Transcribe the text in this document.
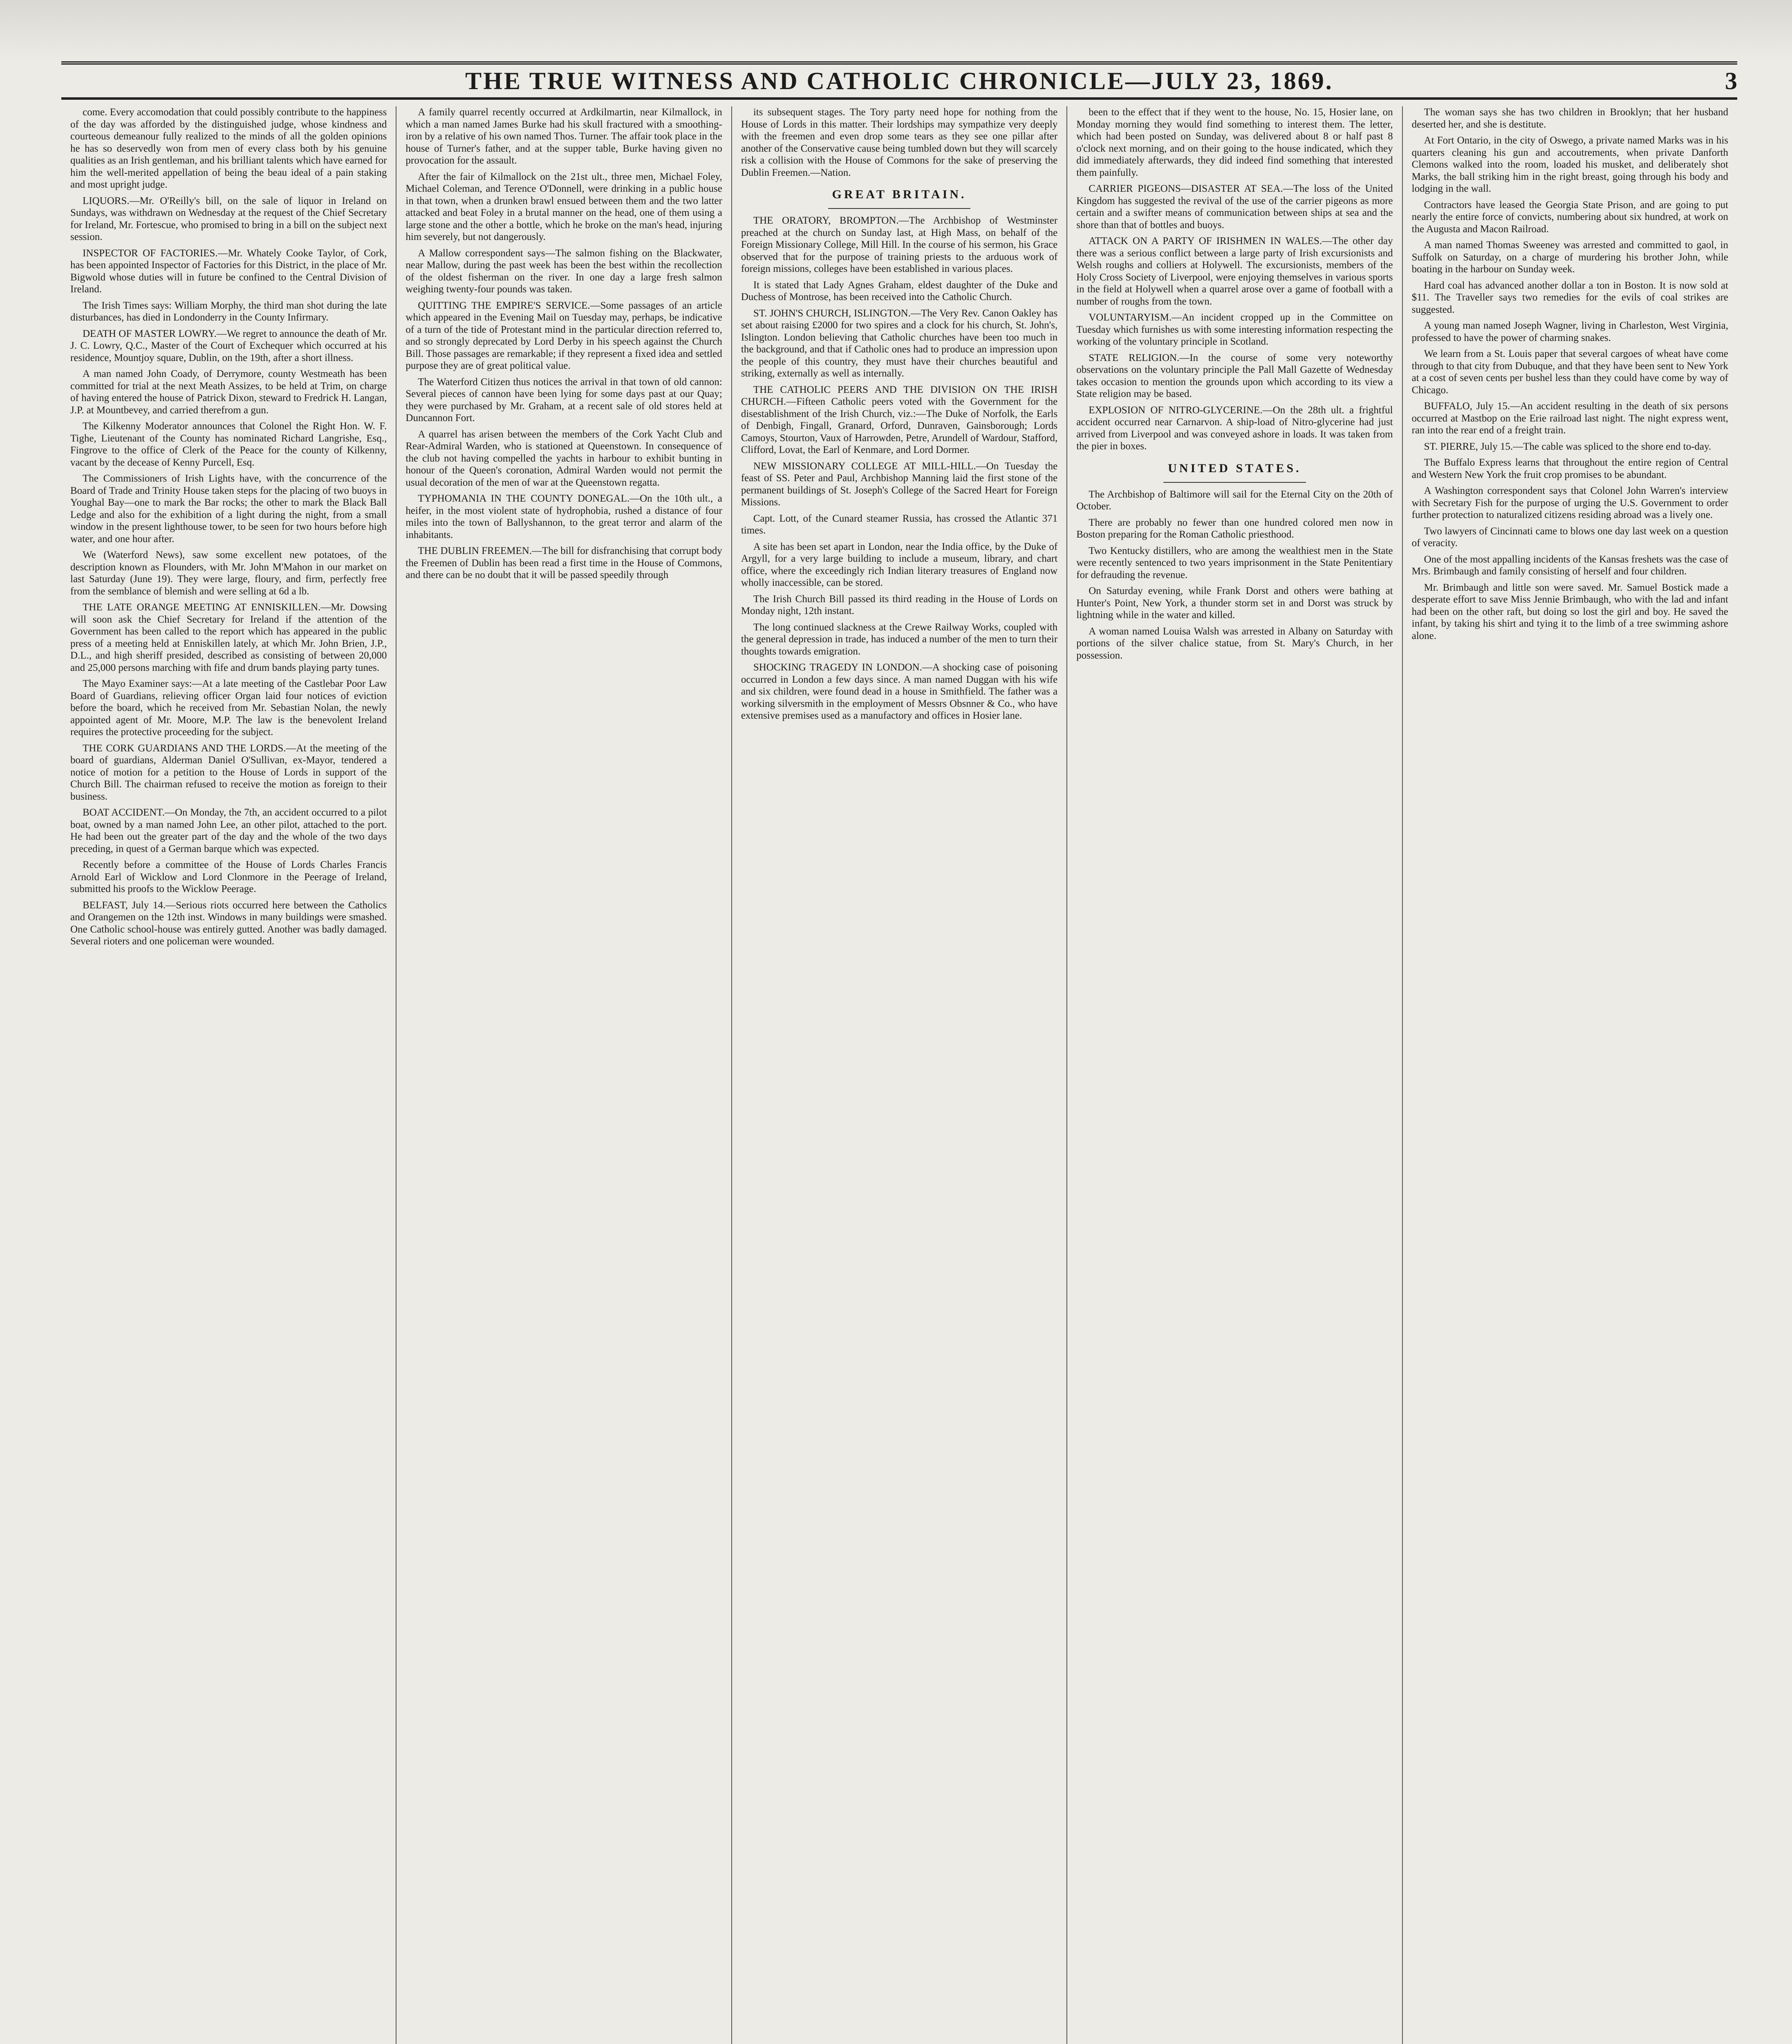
THE TRUE WITNESS AND CATHOLIC CHRONICLE—JULY 23, 1869.	3

come. Every accomodation that could possibly contribute to the happiness of the day was afforded by the distinguished judge, whose kindness and courteous demeanour fully realized to the minds of all the golden opinions he has so deservedly won from men of every class both by his genuine qualities as an Irish gentleman, and his brilliant talents which have earned for him the well-merited appellation of being the beau ideal of a pain staking and most upright judge.

LIQUORS.—Mr. O'Reilly's bill, on the sale of liquor in Ireland on Sundays, was withdrawn on Wednesday at the request of the Chief Secretary for Ireland, Mr. Fortescue, who promised to bring in a bill on the subject next session.

INSPECTOR OF FACTORIES.—Mr. Whately Cooke Taylor, of Cork, has been appointed Inspector of Factories for this District, in the place of Mr. Bigwold whose duties will in future be confined to the Central Division of Ireland.

The Irish Times says: William Morphy, the third man shot during the late disturbances, has died in Londonderry in the County Infirmary.

DEATH OF MASTER LOWRY.—We regret to announce the death of Mr. J. C. Lowry, Q.C., Master of the Court of Exchequer which occurred at his residence, Mountjoy square, Dublin, on the 19th, after a short illness.

A man named John Coady, of Derrymore, county Westmeath has been committed for trial at the next Meath Assizes, to be held at Trim, on charge of having entered the house of Patrick Dixon, steward to Fredrick H. Langan, J.P. at Mountbevey, and carried therefrom a gun.

The Kilkenny Moderator announces that Colonel the Right Hon. W. F. Tighe, Lieutenant of the County has nominated Richard Langrishe, Esq., Fingrove to the office of Clerk of the Peace for the county of Kilkenny, vacant by the decease of Kenny Purcell, Esq.

The Commissioners of Irish Lights have, with the concurrence of the Board of Trade and Trinity House taken steps for the placing of two buoys in Youghal Bay—one to mark the Bar rocks; the other to mark the Black Ball Ledge and also for the exhibition of a light during the night, from a small window in the present lighthouse tower, to be seen for two hours before high water, and one hour after.

We (Waterford News), saw some excellent new potatoes, of the description known as Flounders, with Mr. John M'Mahon in our market on last Saturday (June 19). They were large, floury, and firm, perfectly free from the semblance of blemish and were selling at 6d a lb.

THE LATE ORANGE MEETING AT ENNISKILLEN.—Mr. Dowsing will soon ask the Chief Secretary for Ireland if the attention of the Government has been called to the report which has appeared in the public press of a meeting held at Enniskillen lately, at which Mr. John Brien, J.P., D.L., and high sheriff presided, described as consisting of between 20,000 and 25,000 persons marching with fife and drum bands playing party tunes.

The Mayo Examiner says:—At a late meeting of the Castlebar Poor Law Board of Guardians, relieving officer Organ laid four notices of eviction before the board, which he received from Mr. Sebastian Nolan, the newly appointed agent of Mr. Moore, M.P. The law is the benevolent Ireland requires the protective proceeding for the subject.

THE CORK GUARDIANS AND THE LORDS.—At the meeting of the board of guardians, Alderman Daniel O'Sullivan, ex-Mayor, tendered a notice of motion for a petition to the House of Lords in support of the Church Bill. The chairman refused to receive the motion as foreign to their business.

BOAT ACCIDENT.—On Monday, the 7th, an accident occurred to a pilot boat, owned by a man named John Lee, an other pilot, attached to the port. He had been out the greater part of the day and the whole of the two days preceding, in quest of a German barque which was expected.

Recently before a committee of the House of Lords Charles Francis Arnold Earl of Wicklow and Lord Clonmore in the Peerage of Ireland, submitted his proofs to the Wicklow Peerage.

BELFAST, July 14.—Serious riots occurred here between the Catholics and Orangemen on the 12th inst. Windows in many buildings were smashed. One Catholic school-house was entirely gutted. Another was badly damaged. Several rioters and one policeman were wounded.

A family quarrel recently occurred at Ardkilmartin, near Kilmallock, in which a man named James Burke had his skull fractured with a smoothing-iron by a relative of his own named Thos. Turner. The affair took place in the house of Turner's father, and at the supper table, Burke having given no provocation for the assault.

After the fair of Kilmallock on the 21st ult., three men, Michael Foley, Michael Coleman, and Terence O'Donnell, were drinking in a public house in that town, when a drunken brawl ensued between them and the two latter attacked and beat Foley in a brutal manner on the head, one of them using a large stone and the other a bottle, which he broke on the man's head, injuring him severely, but not dangerously.

A Mallow correspondent says—The salmon fishing on the Blackwater, near Mallow, during the past week has been the best within the recollection of the oldest fisherman on the river. In one day a large fresh salmon weighing twenty-four pounds was taken.

QUITTING THE EMPIRE'S SERVICE.—Some passages of an article which appeared in the Evening Mail on Tuesday may, perhaps, be indicative of a turn of the tide of Protestant mind in the particular direction referred to, and so strongly deprecated by Lord Derby in his speech against the Church Bill. Those passages are remarkable; if they represent a fixed idea and settled purpose they are of great political value.

The Waterford Citizen thus notices the arrival in that town of old cannon: Several pieces of cannon have been lying for some days past at our Quay; they were purchased by Mr. Graham, at a recent sale of old stores held at Duncannon Fort.

A quarrel has arisen between the members of the Cork Yacht Club and Rear-Admiral Warden, who is stationed at Queenstown. In consequence of the club not having compelled the yachts in harbour to exhibit bunting in honour of the Queen's coronation, Admiral Warden would not permit the usual decoration of the men of war at the Queenstown regatta.

TYPHOMANIA IN THE COUNTY DONEGAL.—On the 10th ult., a heifer, in the most violent state of hydrophobia, rushed a distance of four miles into the town of Ballyshannon, to the great terror and alarm of the inhabitants.

THE DUBLIN FREEMEN.—The bill for disfranchising that corrupt body the Freemen of Dublin has been read a first time in the House of Commons, and there can be no doubt that it will be passed speedily through

its subsequent stages. The Tory party need hope for nothing from the House of Lords in this matter. Their lordships may sympathize very deeply with the freemen and even drop some tears as they see one pillar after another of the Conservative cause being tumbled down but they will scarcely risk a collision with the House of Commons for the sake of preserving the Dublin Freemen.—Nation.

GREAT BRITAIN.

THE ORATORY, BROMPTON.—The Archbishop of Westminster preached at the church on Sunday last, at High Mass, on behalf of the Foreign Missionary College, Mill Hill. In the course of his sermon, his Grace observed that for the purpose of training priests to the arduous work of foreign missions, colleges have been established in various places.

It is stated that Lady Agnes Graham, eldest daughter of the Duke and Duchess of Montrose, has been received into the Catholic Church.

ST. JOHN'S CHURCH, ISLINGTON.—The Very Rev. Canon Oakley has set about raising £2000 for two spires and a clock for his church, St. John's, Islington. London believing that Catholic churches have been too much in the background, and that if Catholic ones had to produce an impression upon the people of this country, they must have their churches beautiful and striking, externally as well as internally.

THE CATHOLIC PEERS AND THE DIVISION ON THE IRISH CHURCH.—Fifteen Catholic peers voted with the Government for the disestablishment of the Irish Church, viz.:—The Duke of Norfolk, the Earls of Denbigh, Fingall, Granard, Orford, Dunraven, Gainsborough; Lords Camoys, Stourton, Vaux of Harrowden, Petre, Arundell of Wardour, Stafford, Clifford, Lovat, the Earl of Kenmare, and Lord Dormer.

NEW MISSIONARY COLLEGE AT MILL-HILL.—On Tuesday the feast of SS. Peter and Paul, Archbishop Manning laid the first stone of the permanent buildings of St. Joseph's College of the Sacred Heart for Foreign Missions.

Capt. Lott, of the Cunard steamer Russia, has crossed the Atlantic 371 times.

A site has been set apart in London, near the India office, by the Duke of Argyll, for a very large building to include a museum, library, and chart office, where the exceedingly rich Indian literary treasures of England now wholly inaccessible, can be stored.

The Irish Church Bill passed its third reading in the House of Lords on Monday night, 12th instant.

The long continued slackness at the Crewe Railway Works, coupled with the general depression in trade, has induced a number of the men to turn their thoughts towards emigration.

SHOCKING TRAGEDY IN LONDON.—A shocking case of poisoning occurred in London a few days since. A man named Duggan with his wife and six children, were found dead in a house in Smithfield. The father was a working silversmith in the employment of Messrs Obsnner & Co., who have extensive premises used as a manufactory and offices in Hosier lane.

been to the effect that if they went to the house, No. 15, Hosier lane, on Monday morning they would find something to interest them. The letter, which had been posted on Sunday, was delivered about 8 or half past 8 o'clock next morning, and on their going to the house indicated, which they did immediately afterwards, they did indeed find something that interested them painfully.

CARRIER PIGEONS—DISASTER AT SEA.—The loss of the United Kingdom has suggested the revival of the use of the carrier pigeons as more certain and a swifter means of communication between ships at sea and the shore than that of bottles and buoys.

ATTACK ON A PARTY OF IRISHMEN IN WALES.—The other day there was a serious conflict between a large party of Irish excursionists and Welsh roughs and colliers at Holywell. The excursionists, members of the Holy Cross Society of Liverpool, were enjoying themselves in various sports in the field at Holywell when a quarrel arose over a game of football with a number of roughs from the town.

VOLUNTARYISM.—An incident cropped up in the Committee on Tuesday which furnishes us with some interesting information respecting the working of the voluntary principle in Scotland.

STATE RELIGION.—In the course of some very noteworthy observations on the voluntary principle the Pall Mall Gazette of Wednesday takes occasion to mention the grounds upon which according to its view a State religion may be based.

EXPLOSION OF NITRO-GLYCERINE.—On the 28th ult. a frightful accident occurred near Carnarvon. A ship-load of Nitro-glycerine had just arrived from Liverpool and was conveyed ashore in loads. It was taken from the pier in boxes.

UNITED STATES.

The Archbishop of Baltimore will sail for the Eternal City on the 20th of October.

There are probably no fewer than one hundred colored men now in Boston preparing for the Roman Catholic priesthood.

Two Kentucky distillers, who are among the wealthiest men in the State were recently sentenced to two years imprisonment in the State Penitentiary for defrauding the revenue.

On Saturday evening, while Frank Dorst and others were bathing at Hunter's Point, New York, a thunder storm set in and Dorst was struck by lightning while in the water and killed.

A woman named Louisa Walsh was arrested in Albany on Saturday with portions of the silver chalice statue, from St. Mary's Church, in her possession.

The woman says she has two children in Brooklyn; that her husband deserted her, and she is destitute.

At Fort Ontario, in the city of Oswego, a private named Marks was in his quarters cleaning his gun and accoutrements, when private Danforth Clemons walked into the room, loaded his musket, and deliberately shot Marks, the ball striking him in the right breast, going through his body and lodging in the wall.

Contractors have leased the Georgia State Prison, and are going to put nearly the entire force of convicts, numbering about six hundred, at work on the Augusta and Macon Railroad.

A man named Thomas Sweeney was arrested and committed to gaol, in Suffolk on Saturday, on a charge of murdering his brother John, while boating in the harbour on Sunday week.

Hard coal has advanced another dollar a ton in Boston. It is now sold at $11. The Traveller says two remedies for the evils of coal strikes are suggested.

A young man named Joseph Wagner, living in Charleston, West Virginia, professed to have the power of charming snakes.

We learn from a St. Louis paper that several cargoes of wheat have come through to that city from Dubuque, and that they have been sent to New York at a cost of seven cents per bushel less than they could have come by way of Chicago.

BUFFALO, July 15.—An accident resulting in the death of six persons occurred at Mastbop on the Erie railroad last night. The night express went, ran into the rear end of a freight train.

ST. PIERRE, July 15.—The cable was spliced to the shore end to-day.

The Buffalo Express learns that throughout the entire region of Central and Western New York the fruit crop promises to be abundant.

A Washington correspondent says that Colonel John Warren's interview with Secretary Fish for the purpose of urging the U.S. Government to order further protection to naturalized citizens residing abroad was a lively one.

Two lawyers of Cincinnati came to blows one day last week on a question of veracity.

One of the most appalling incidents of the Kansas freshets was the case of Mrs. Brimbaugh and family consisting of herself and four children.

Mr. Brimbaugh and little son were saved. Mr. Samuel Bostick made a desperate effort to save Miss Jennie Brimbaugh, who with the lad and infant had been on the other raft, but doing so lost the girl and boy. He saved the infant, by taking his shirt and tying it to the limb of a tree swimming ashore alone.
